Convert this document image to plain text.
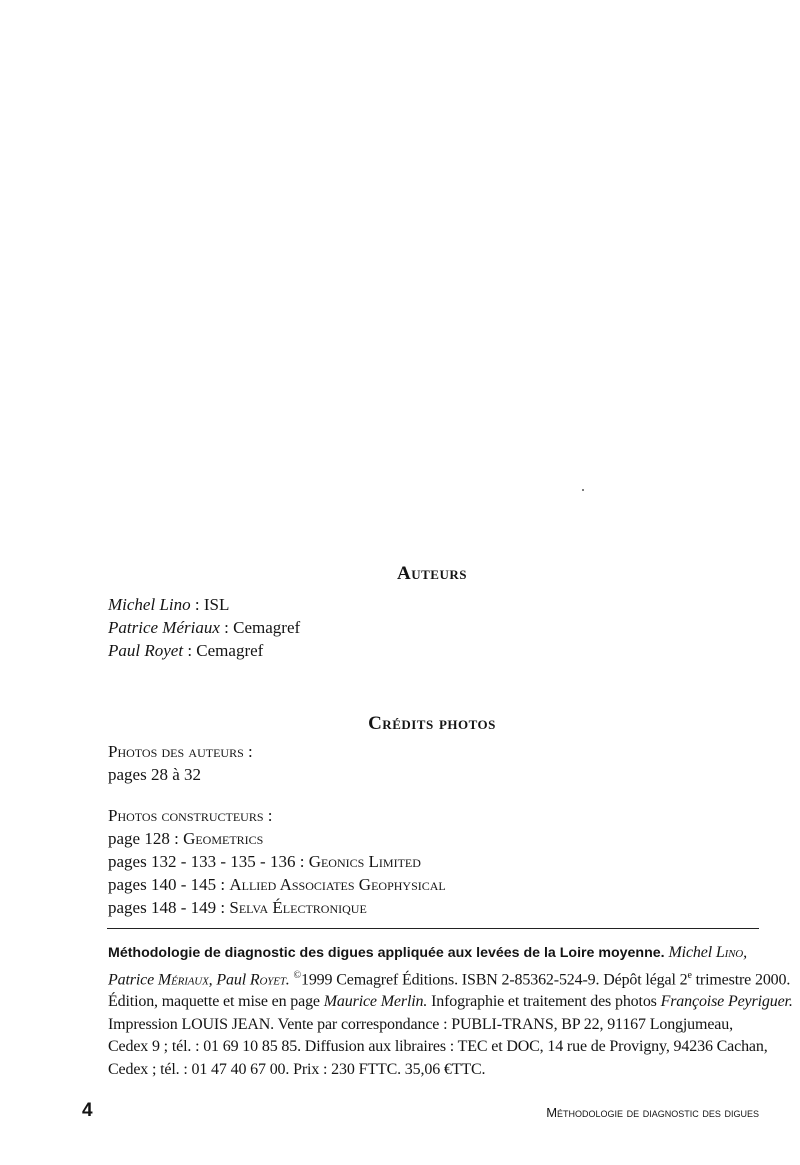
Auteurs
Michel Lino : ISL
Patrice Mériaux : Cemagref
Paul Royet : Cemagref
Crédits photos
Photos des auteurs :
pages 28 à 32
Photos constructeurs :
page 128 : Geometrics
pages 132 - 133 - 135 - 136 : Geonics Limited
pages 140 - 145 : Allied Associates Geophysical
pages 148 - 149 : Selva Électronique
Méthodologie de diagnostic des digues appliquée aux levées de la Loire moyenne. Michel Lino,
Patrice Mériaux, Paul Royet. ©1999 Cemagref Éditions. ISBN 2-85362-524-9. Dépôt légal 2e trimestre 2000.
Édition, maquette et mise en page Maurice Merlin. Infographie et traitement des photos Françoise Peyriguer.
Impression LOUIS JEAN. Vente par correspondance : PUBLI-TRANS, BP 22, 91167 Longjumeau,
Cedex 9 ; tél. : 01 69 10 85 85. Diffusion aux libraires : TEC et DOC, 14 rue de Provigny, 94236 Cachan,
Cedex ; tél. : 01 47 40 67 00. Prix : 230 FTTC. 35,06 €TTC.
4	Méthodologie de diagnostic des digues
